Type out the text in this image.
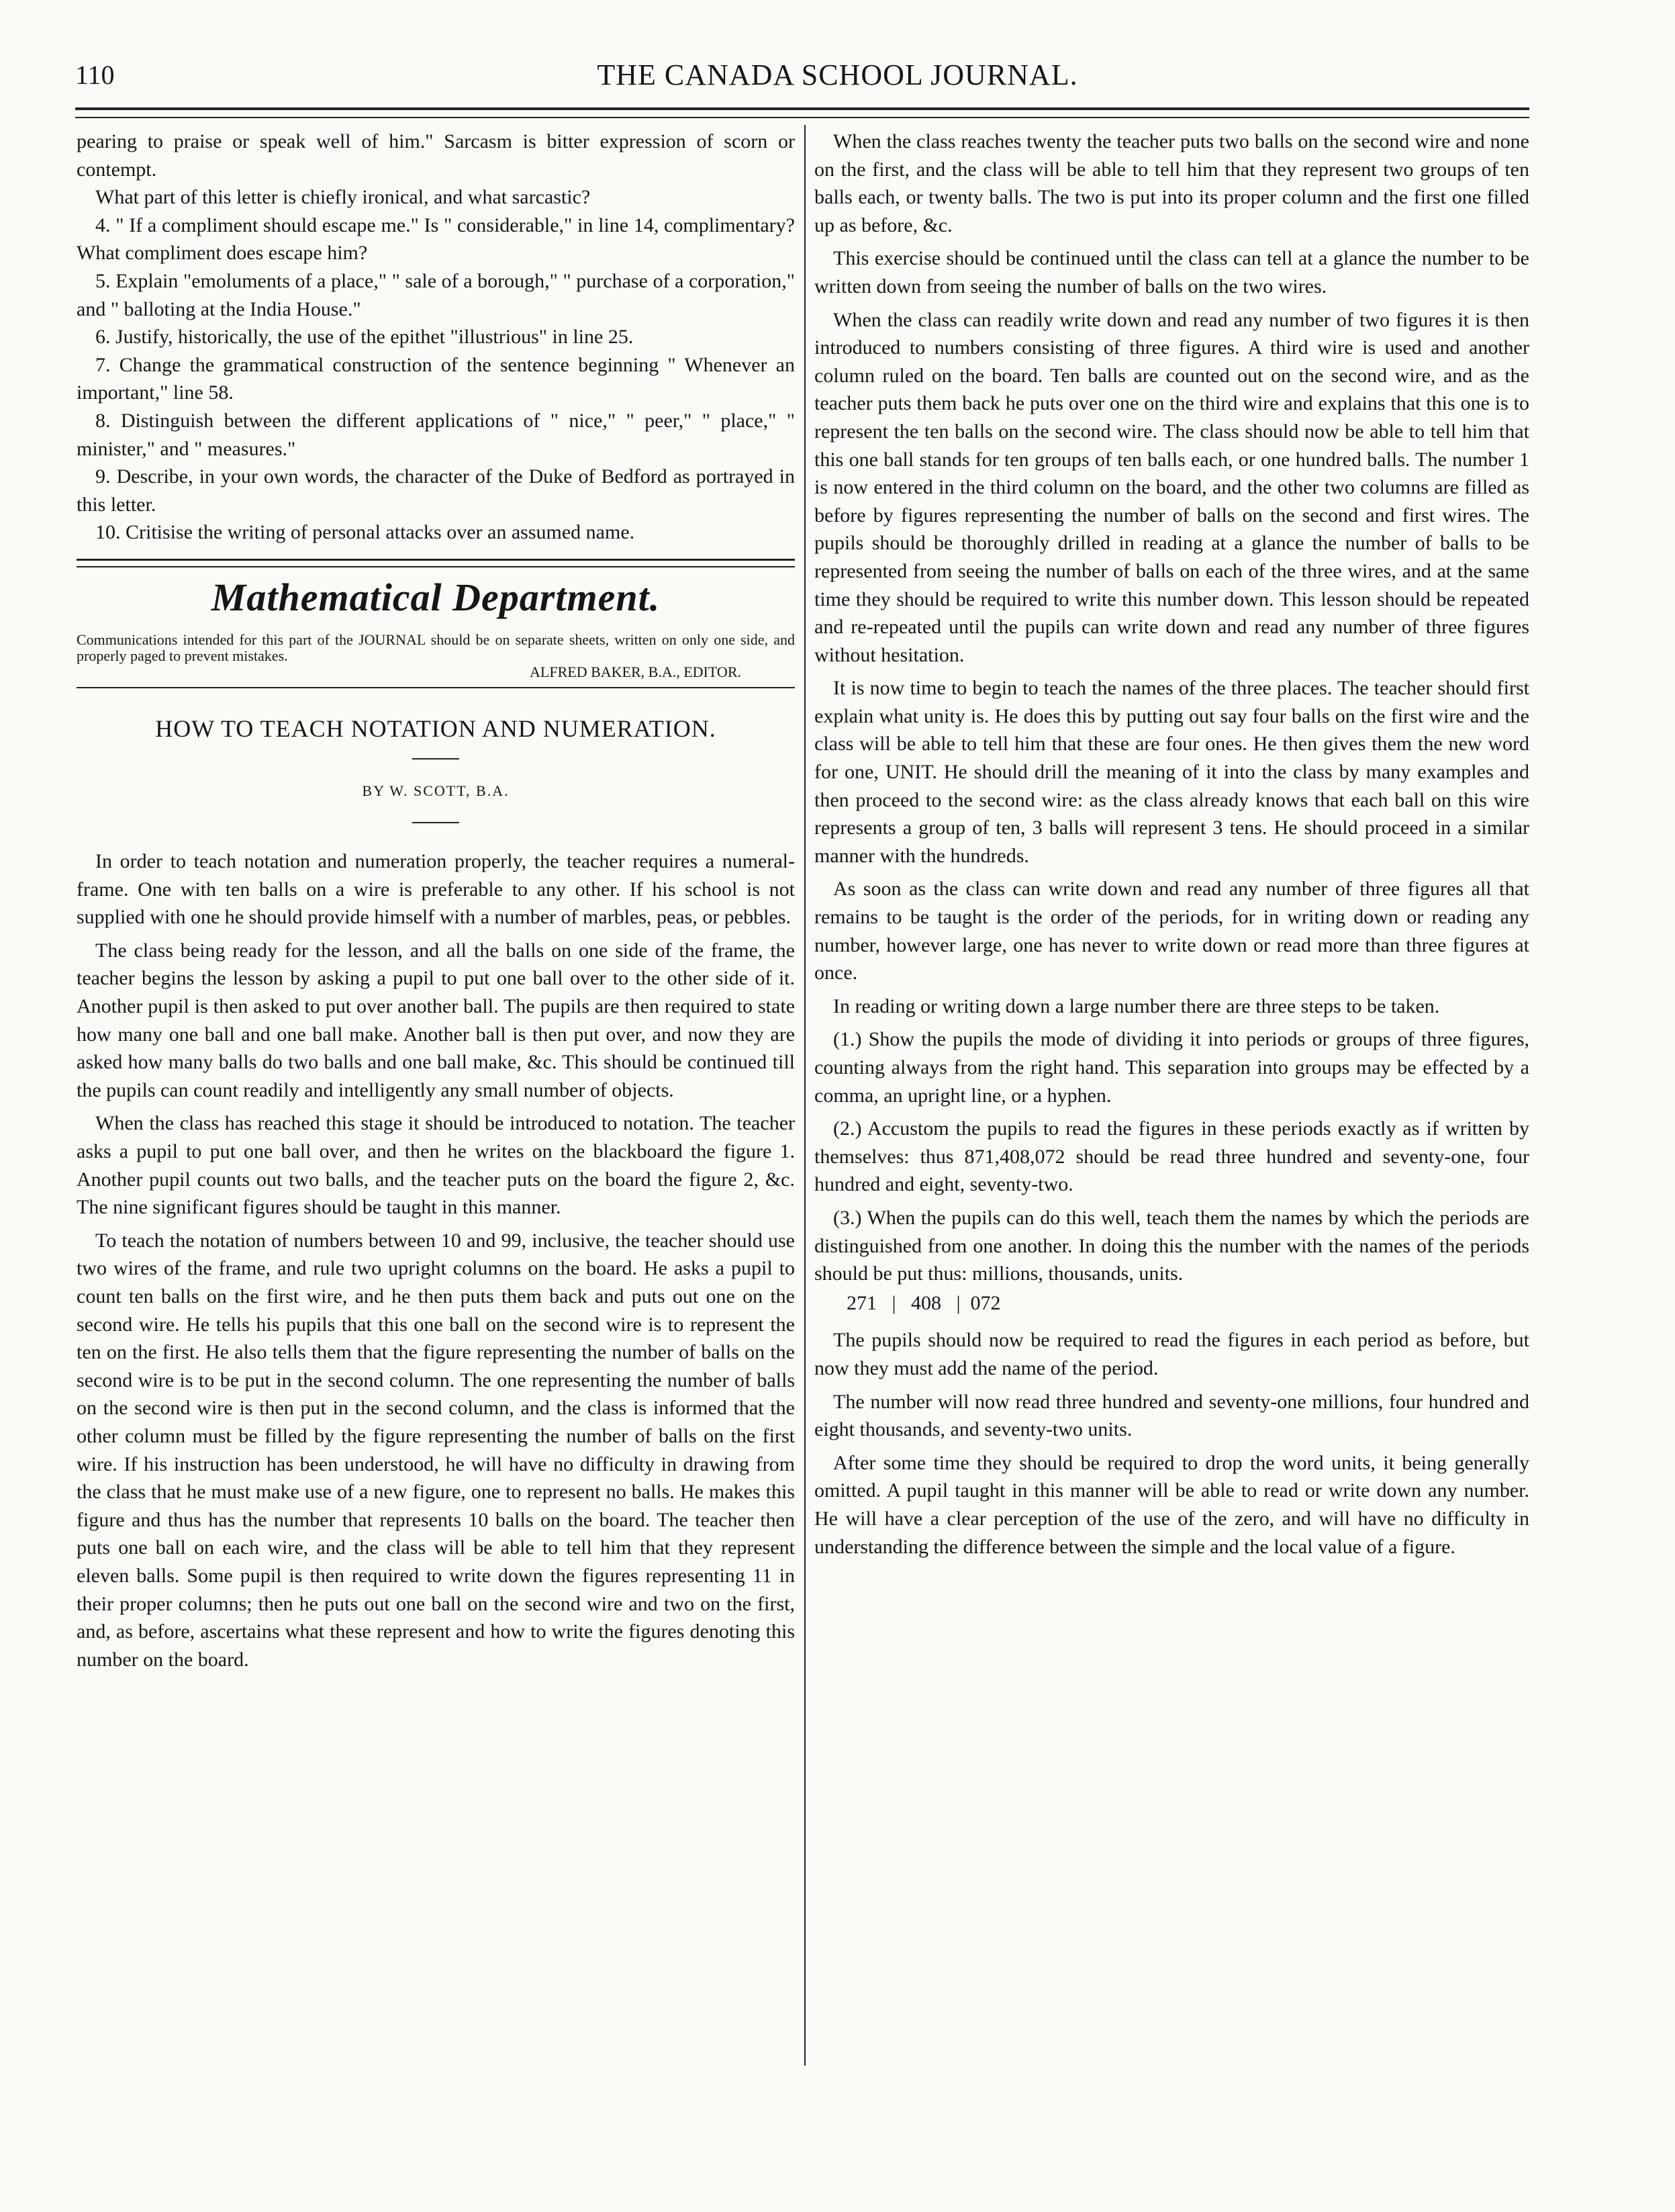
110	THE CANADA SCHOOL JOURNAL.

pearing to praise or speak well of him." Sarcasm is bitter expression of scorn or contempt.

What part of this letter is chiefly ironical, and what sarcastic?

4. " If a compliment should escape me." Is " considerable," in line 14, complimentary? What compliment does escape him?

5. Explain "emoluments of a place," " sale of a borough," " purchase of a corporation," and " balloting at the India House."

6. Justify, historically, the use of the epithet "illustrious" in line 25.

7. Change the grammatical construction of the sentence beginning " Whenever an important," line 58.

8. Distinguish between the different applications of " nice," " peer," " place," " minister," and " measures."

9. Describe, in your own words, the character of the Duke of Bedford as portrayed in this letter.

10. Critisise the writing of personal attacks over an assumed name.

Mathematical Department.
Communications intended for this part of the JOURNAL should be on separate sheets, written on only one side, and properly paged to prevent mistakes.
ALFRED BAKER, B.A., EDITOR.
HOW TO TEACH NOTATION AND NUMERATION.
BY W. SCOTT, B.A.

In order to teach notation and numeration properly, the teacher requires a numeral-frame. One with ten balls on a wire is preferable to any other. If his school is not supplied with one he should provide himself with a number of marbles, peas, or pebbles.

The class being ready for the lesson, and all the balls on one side of the frame, the teacher begins the lesson by asking a pupil to put one ball over to the other side of it. Another pupil is then asked to put over another ball. The pupils are then required to state how many one ball and one ball make. Another ball is then put over, and now they are asked how many balls do two balls and one ball make, &c. This should be continued till the pupils can count readily and intelligently any small number of objects.

When the class has reached this stage it should be introduced to notation. The teacher asks a pupil to put one ball over, and then he writes on the blackboard the figure 1. Another pupil counts out two balls, and the teacher puts on the board the figure 2, &c. The nine significant figures should be taught in this manner.

To teach the notation of numbers between 10 and 99, inclusive, the teacher should use two wires of the frame, and rule two upright columns on the board. He asks a pupil to count ten balls on the first wire, and he then puts them back and puts out one on the second wire. He tells his pupils that this one ball on the second wire is to represent the ten on the first. He also tells them that the figure representing the number of balls on the second wire is to be put in the second column. The one representing the number of balls on the second wire is then put in the second column, and the class is informed that the other column must be filled by the figure representing the number of balls on the first wire. If his instruction has been understood, he will have no difficulty in drawing from the class that he must make use of a new figure, one to represent no balls. He makes this figure and thus has the number that represents 10 balls on the board. The teacher then puts one ball on each wire, and the class will be able to tell him that they represent eleven balls. Some pupil is then required to write down the figures representing 11 in their proper columns; then he puts out one ball on the second wire and two on the first, and, as before, ascertains what these represent and how to write the figures denoting this number on the board.

When the class reaches twenty the teacher puts two balls on the second wire and none on the first, and the class will be able to tell him that they represent two groups of ten balls each, or twenty balls. The two is put into its proper column and the first one filled up as before, &c.

This exercise should be continued until the class can tell at a glance the number to be written down from seeing the number of balls on the two wires.

When the class can readily write down and read any number of two figures it is then introduced to numbers consisting of three figures. A third wire is used and another column ruled on the board. Ten balls are counted out on the second wire, and as the teacher puts them back he puts over one on the third wire and explains that this one is to represent the ten balls on the second wire. The class should now be able to tell him that this one ball stands for ten groups of ten balls each, or one hundred balls. The number 1 is now entered in the third column on the board, and the other two columns are filled as before by figures representing the number of balls on the second and first wires. The pupils should be thoroughly drilled in reading at a glance the number of balls to be represented from seeing the number of balls on each of the three wires, and at the same time they should be required to write this number down. This lesson should be repeated and re-repeated until the pupils can write down and read any number of three figures without hesitation.

It is now time to begin to teach the names of the three places. The teacher should first explain what unity is. He does this by putting out say four balls on the first wire and the class will be able to tell him that these are four ones. He then gives them the new word for one, UNIT. He should drill the meaning of it into the class by many examples and then proceed to the second wire: as the class already knows that each ball on this wire represents a group of ten, 3 balls will represent 3 tens. He should proceed in a similar manner with the hundreds.

As soon as the class can write down and read any number of three figures all that remains to be taught is the order of the periods, for in writing down or reading any number, however large, one has never to write down or read more than three figures at once.

In reading or writing down a large number there are three steps to be taken.

(1.) Show the pupils the mode of dividing it into periods or groups of three figures, counting always from the right hand. This separation into groups may be effected by a comma, an upright line, or a hyphen.

(2.) Accustom the pupils to read the figures in these periods exactly as if written by themselves: thus 871,408,072 should be read three hundred and seventy-one, four hundred and eight, seventy-two.

(3.) When the pupils can do this well, teach them the names by which the periods are distinguished from one another. In doing this the number with the names of the periods should be put thus: millions, thousands, units.

271   |   408   |  072

The pupils should now be required to read the figures in each period as before, but now they must add the name of the period.

The number will now read three hundred and seventy-one millions, four hundred and eight thousands, and seventy-two units.

After some time they should be required to drop the word units, it being generally omitted. A pupil taught in this manner will be able to read or write down any number. He will have a clear perception of the use of the zero, and will have no difficulty in understanding the difference between the simple and the local value of a figure.
